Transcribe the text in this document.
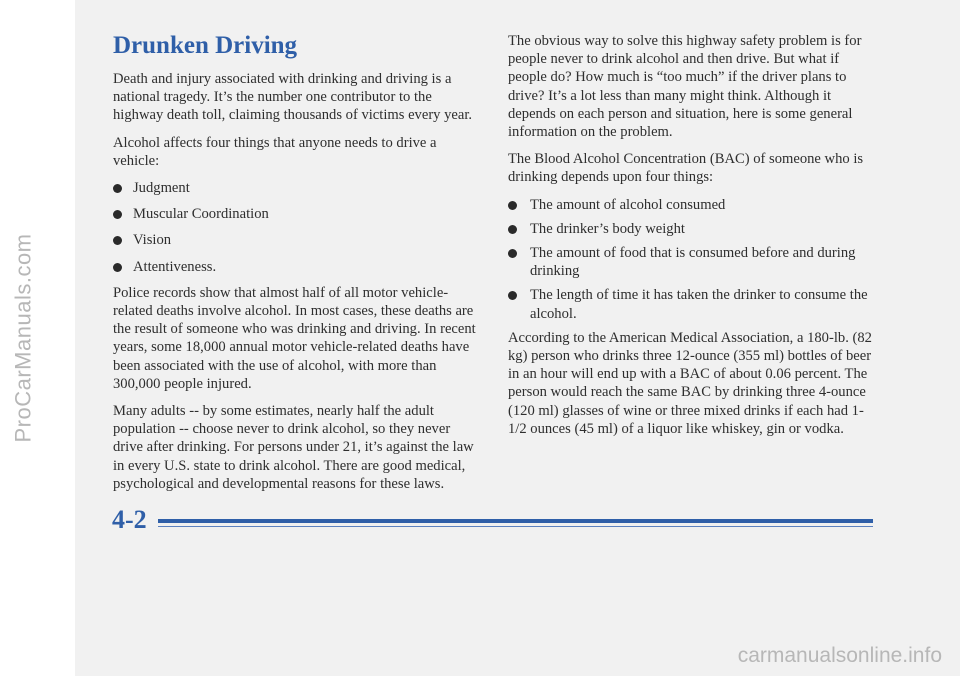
ProCarManuals.com
Drunken Driving

Death and injury associated with drinking and driving is a national tragedy. It’s the number one contributor to the highway death toll, claiming thousands of victims every year.

Alcohol affects four things that anyone needs to drive a vehicle:

Judgment
Muscular Coordination
Vision
Attentiveness.

Police records show that almost half of all motor vehicle-related deaths involve alcohol. In most cases, these deaths are the result of someone who was drinking and driving. In recent years, some 18,000 annual motor vehicle-related deaths have been associated with the use of alcohol, with more than 300,000 people injured.

Many adults -- by some estimates, nearly half the adult population -- choose never to drink alcohol, so they never drive after drinking. For persons under 21, it’s against the law in every U.S. state to drink alcohol. There are good medical, psychological and developmental reasons for these laws.

The obvious way to solve this highway safety problem is for people never to drink alcohol and then drive. But what if people do? How much is “too much” if the driver plans to drive? It’s a lot less than many might think. Although it depends on each person and situation, here is some general information on the problem.

The Blood Alcohol Concentration (BAC) of someone who is drinking depends upon four things:

The amount of alcohol consumed
The drinker’s body weight
The amount of food that is consumed before and during drinking
The length of time it has taken the drinker to consume the alcohol.

According to the American Medical Association, a 180-lb. (82 kg) person who drinks three 12-ounce (355 ml) bottles of beer in an hour will end up with a BAC of about 0.06 percent. The person would reach the same BAC by drinking three 4-ounce (120 ml) glasses of wine or three mixed drinks if each had 1-1/2 ounces (45 ml) of a liquor like whiskey, gin or vodka.

4-2
carmanualsonline.info
